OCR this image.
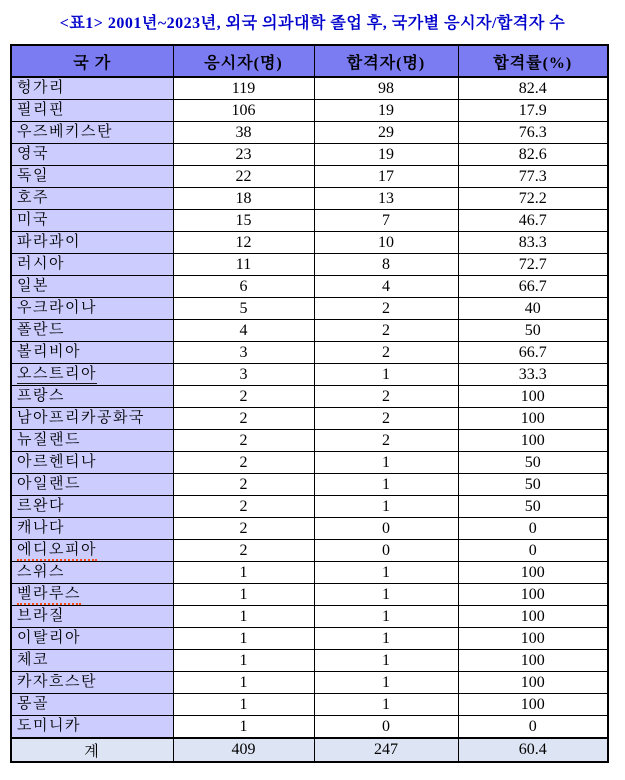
<표1> 2001년~2023년, 외국 의과대학 졸업 후, 국가별 응시자/합격자 수
국 가	응시자(명)	합격자(명)	합격률(%)
헝가리	119	98	82.4
필리핀	106	19	17.9
우즈베키스탄	38	29	76.3
영국	23	19	82.6
독일	22	17	77.3
호주	18	13	72.2
미국	15	7	46.7
파라과이	12	10	83.3
러시아	11	8	72.7
일본	6	4	66.7
우크라이나	5	2	40
폴란드	4	2	50
볼리비아	3	2	66.7
오스트리아	3	1	33.3
프랑스	2	2	100
남아프리카공화국	2	2	100
뉴질랜드	2	2	100
아르헨티나	2	1	50
아일랜드	2	1	50
르완다	2	1	50
캐나다	2	0	0
에디오피아	2	0	0
스위스	1	1	100
벨라루스	1	1	100
브라질	1	1	100
이탈리아	1	1	100
체코	1	1	100
카자흐스탄	1	1	100
몽골	1	1	100
도미니카	1	0	0
계	409	247	60.4
